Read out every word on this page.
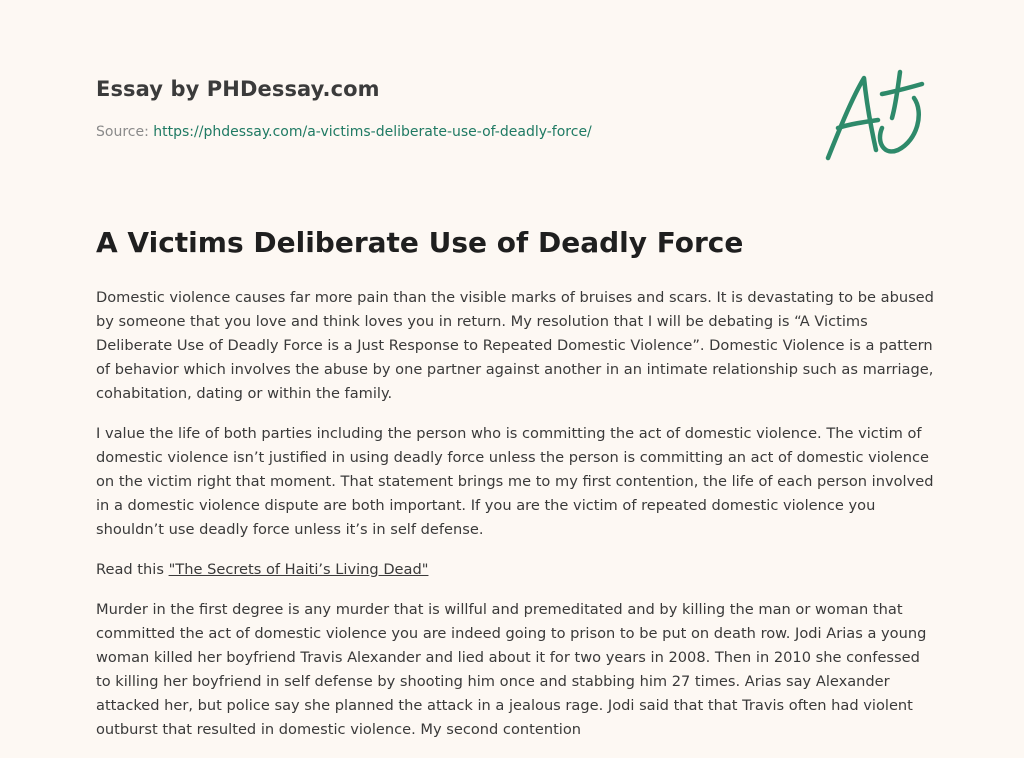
Essay by PHDessay.com
Source: https://phdessay.com/a-victims-deliberate-use-of-deadly-force/
A Victims Deliberate Use of Deadly Force

Domestic violence causes far more pain than the visible marks of bruises and scars. It is devastating to be abused by someone that you love and think loves you in return. My resolution that I will be debating is “A Victims Deliberate Use of Deadly Force is a Just Response to Repeated Domestic Violence”. Domestic Violence is a pattern of behavior which involves the abuse by one partner against another in an intimate relationship such as marriage, cohabitation, dating or within the family.

I value the life of both parties including the person who is committing the act of domestic violence. The victim of domestic violence isn’t justified in using deadly force unless the person is committing an act of domestic violence on the victim right that moment. That statement brings me to my first contention, the life of each person involved in a domestic violence dispute are both important. If you are the victim of repeated domestic violence you shouldn’t use deadly force unless it’s in self defense.

Read this "The Secrets of Haiti’s Living Dead"

Murder in the first degree is any murder that is willful and premeditated and by killing the man or woman that committed the act of domestic violence you are indeed going to prison to be put on death row. Jodi Arias a young woman killed her boyfriend Travis Alexander and lied about it for two years in 2008. Then in 2010 she confessed to killing her boyfriend in self defense by shooting him once and stabbing him 27 times. Arias say Alexander attacked her, but police say she planned the attack in a jealous rage. Jodi said that that Travis often had violent outburst that resulted in domestic violence. My second contention
